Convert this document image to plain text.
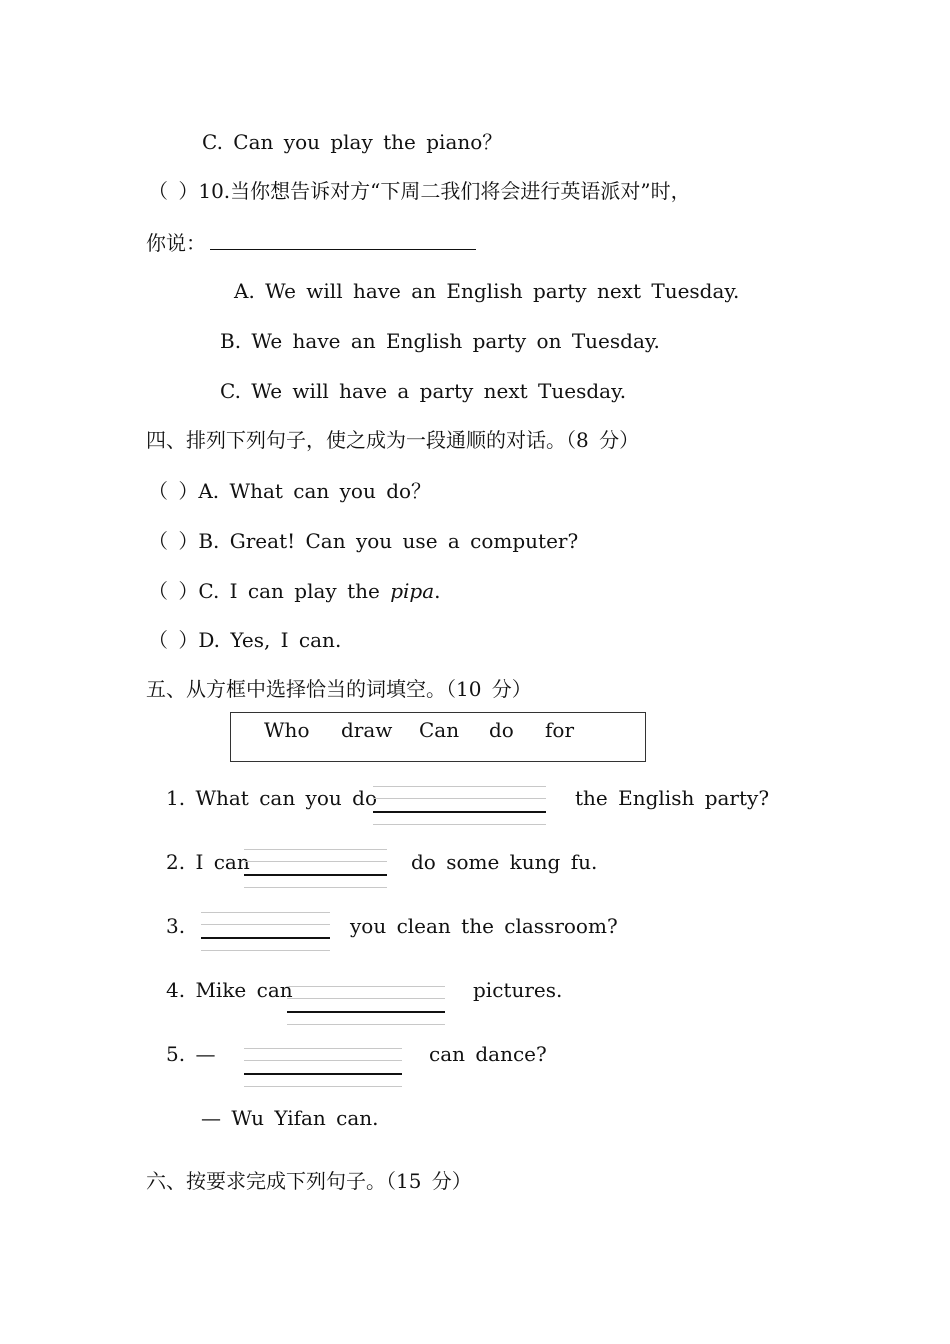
C. Can you play the piano？
（ ）10.当你想告诉对方“下周二我们将会进行英语派对”时，
你说：
A. We will have an English party next Tuesday.
B. We have an English party on Tuesday.
C. We will have a party next Tuesday.
四、排列下列句子，使之成为一段通顺的对话。（8 分）
（ ）A. What can you do？
（ ）B. Great! Can you use a computer?
（ ）C. I can play the pipa.
（ ）D. Yes, I can.
五、从方框中选择恰当的词填空。（10 分）
Who draw Can do for
1. What can you do	the English party?
2. I can	do some kung fu.
3.	you clean the classroom?
4. Mike can	pictures.
5. —	can dance?
— Wu Yifan can.
六、按要求完成下列句子。（15 分）
